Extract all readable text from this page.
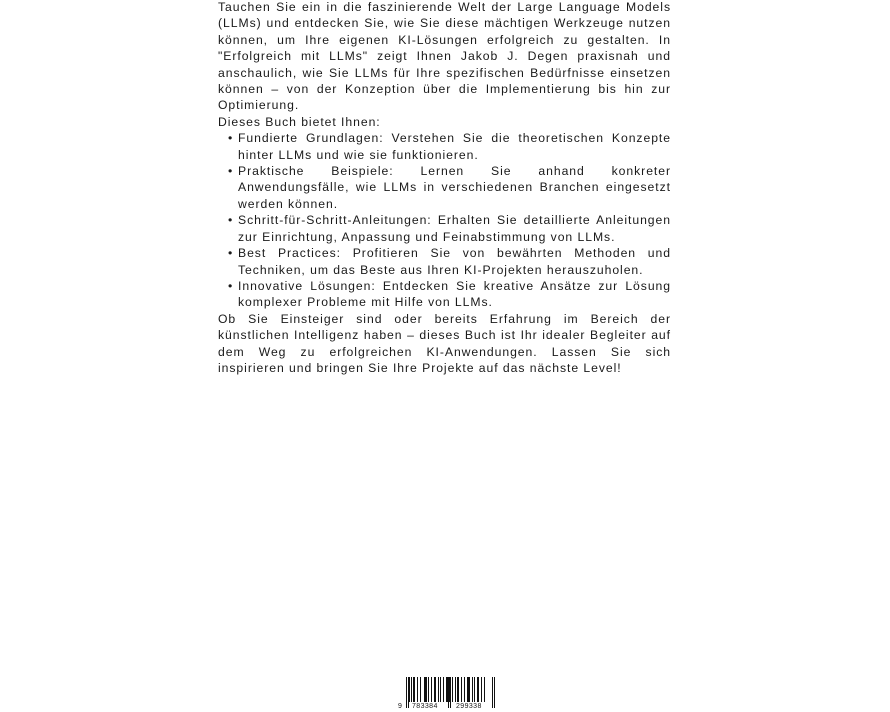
Tauchen Sie ein in die faszinierende Welt der Large Language Models (LLMs) und entdecken Sie, wie Sie diese mächtigen Werkzeuge nutzen können, um Ihre eigenen KI-Lösungen erfolgreich zu gestalten. In "Erfolgreich mit LLMs" zeigt Ihnen Jakob J. Degen praxisnah und anschaulich, wie Sie LLMs für Ihre spezifischen Bedürfnisse einsetzen können – von der Konzeption über die Implementierung bis hin zur Optimierung.

Dieses Buch bietet Ihnen:

• Fundierte Grundlagen: Verstehen Sie die theoretischen Konzepte hinter LLMs und wie sie funktionieren.
• Praktische Beispiele: Lernen Sie anhand konkreter Anwendungsfälle, wie LLMs in verschiedenen Branchen eingesetzt werden können.
• Schritt-für-Schritt-Anleitungen: Erhalten Sie detaillierte Anleitungen zur Einrichtung, Anpassung und Feinabstimmung von LLMs.
• Best Practices: Profitieren Sie von bewährten Methoden und Techniken, um das Beste aus Ihren KI-Projekten herauszuholen.
• Innovative Lösungen: Entdecken Sie kreative Ansätze zur Lösung komplexer Probleme mit Hilfe von LLMs.

Ob Sie Einsteiger sind oder bereits Erfahrung im Bereich der künstlichen Intelligenz haben – dieses Buch ist Ihr idealer Begleiter auf dem Weg zu erfolgreichen KI-Anwendungen. Lassen Sie sich inspirieren und bringen Sie Ihre Projekte auf das nächste Level!

9 783384	299338
